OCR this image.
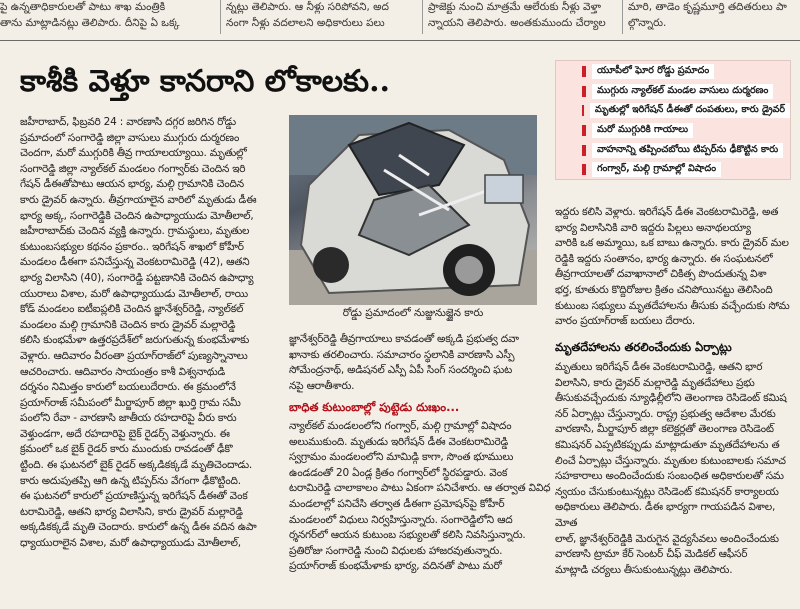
పై ఉన్నతాధికారులతో పాటు శాఖ మంత్రికి
తాను మాట్లాడినట్లు తెలిపారు. దీనిపై ఏ ఒక్క
న్నట్లు తెలిపారు. ఆ నీళ్లు సరిపోవని, అద
నంగా నీళ్లు వదలాలని అధికారులు పలు
ప్రాజెక్టు నుంచి మాత్రమే ఆలేరుకు నీళ్లు వెళ్తా
న్నాయని తెలిపారు. అంతకుముందు చేర్యాల
మారి, తాడెం కృష్ణమూర్తి తదితరులు పా
ల్గొన్నారు.
కాశీకి వెళ్తూ కానరాని లోకాలకు..	యూపీలో ఘోర రోడ్డు ప్రమాదం
ముగ్గురు న్యాల్‌కల్‌ మండల వాసులు దుర్మరణం
మృతుల్లో ఇరిగేషన్‌ డీఈతో దంపతులు, కారు డ్రైవర్‌
మరో ముగ్గురికి గాయాలు
వాహనాన్ని తప్పించబోయి టిప్పర్‌ను ఢీకొట్టిన కారు
గంగ్వార్‌, మల్గి గ్రామాల్లో విషాదం
జహీరాబాద్‌, ఫిబ్రవరి 24 : వారణాసి దగ్గర జరిగిన రోడ్డు
ప్రమాదంలో సంగారెడ్డి జిల్లా వాసులు ముగ్గురు దుర్మరణం
చెందగా, మరో ముగ్గురికి తీవ్ర గాయాలయ్యాయి. మృతుల్లో
సంగారెడ్డి జిల్లా న్యాల్‌కల్‌ మండలం గంగ్వార్‌కు చెందిన ఇరి
గేషన్‌ డీఈతోపాటు ఆయన భార్య, మల్గి గ్రామానికి చెందిన
కారు డ్రైవర్‌ ఉన్నారు. తీవ్రగాయాలైన వారిలో మృతుడు డీఈ
భార్య అక్క, సంగారెడ్డికి చెందిన ఉపాధ్యాయుడు మోతీలాల్‌,
జహీరాబాద్‌కు చెందిన వ్యక్తి ఉన్నారు. గ్రామస్థులు, మృతుల
కుటుంబసభ్యుల కథనం ప్రకారం.. ఇరిగేషన్‌ శాఖలో కోహీర్‌
మండలం డీఈగా పనిచేస్తున్న వెంకటరామిరెడ్డి (42), ఆతని
భార్య విలాసిని (40), సంగారెడ్డి పట్టణానికి చెందిన ఉపాధ్యా
యురాలు విశాల, మరో ఉపాధ్యాయుడు మోతీలాల్‌, రాయి
కోడ్‌ మండలం ఐటీఐప్లలికి చెందిన జ్ఞానేశ్వర్‌రెడ్డి, న్యాల్‌కల్‌
మండలం మల్గి గ్రామానికి చెందిన కారు డ్రైవర్‌ మల్లారెడ్డి
కలిసి కుంభమేళా ఉత్తరప్రదేశ్‌లో జరుగుతున్న కుంభమేళాకు
వెళ్లారు. ఆదివారం వీరంతా ప్రయాగ్‌రాజ్‌లో పుణ్యస్నానాలు
ఆచరించారు. ఆదివారం సాయంత్రం కాశీ విశ్వనాథుడి
దర్శనం నిమిత్తం కారులో బయలుదేరారు. ఈ క్రమంలోనే
ప్రయాగ్‌రాజ్‌ సమీపంలో మీర్జాపూర్‌ జిల్లా ఖుర్తి గ్రామ సమీ
పంలోని రేవా - వారణాసి జాతీయ రహదారిపై వీరు కారు
వెళ్తుండగా, అదే రహదారిపై బైక్‌ రైడర్స్‌ వెళ్తున్నారు. ఈ
క్రమంలో ఒక బైక్‌ రైడర్‌ కారు ముందుకు రావడంతో ఢీకొ
ట్టింది. ఈ ఘటనలో బైక్‌ రైడర్‌ అక్కడికక్కడే మృతిచెందాడు.
కారు అదుపుతప్పి ఆగి ఉన్న టిప్పర్‌ను వేగంగా ఢీకొట్టింది.
ఈ ఘటనలో కారులో ప్రయాణిస్తున్న ఇరిగేషన్‌ డీఈతో వెంక
టరామిరెడ్డి, ఆతని భార్య విలాసిని, కారు డ్రైవర్‌ మల్లారెడ్డి
అక్కడికక్కడే మృతి చెందారు. కారులో ఉన్న డీఈ వదిన ఉపా
ధ్యాయురాలైన విశాల, మరో ఉపాధ్యాయుడు మోతీలాల్‌,
రోడ్డు ప్రమాదంలో నుజ్జునుజ్జైన కారు
జ్ఞానేశ్వర్‌రెడ్డి తీవ్రగాయాలు కావడంతో అక్కడి ప్రభుత్వ దవా
ఖానాకు తరలించారు. సమాచారం స్థలానికి వారణాసి ఎస్పీ
సోమేంద్రనాథ్‌, అడిషనల్‌ ఎస్పీ ఏపీ సింగ్‌ సందర్శించి ఘట
నపై ఆరాతీశారు.
బాధిత కుటుంబాల్లో పుట్టెడు దుఃఖం...
న్యాల్‌కల్‌ మండలంలోని గంగ్వార్‌, మల్గి గ్రామాల్లో విషాదం
అలుముకుంది. మృతుడు ఇరిగేషన్‌ డీఈ వెంకటరామిరెడ్డి
స్వగ్రామం మండలంలోని మామిడ్గి కాగా, సొంత భూములు
ఉండడంతో 20 ఏండ్ల క్రితం గంగ్వార్‌లో స్థిరపడ్డారు. వెంక
టరామిరెడ్డి చాలాకాలం పాటు ఏకంగా పనిచేశారు. ఆ తర్వాత వివిధ
మండలాల్లో పనిచేసి తర్వాత డీఈగా ప్రమోషన్‌పై కోహీర్‌
మండలంలో విధులు నిర్వహిస్తున్నారు. సంగారెడ్డిలోని ఆద
ర్శనగర్‌లో ఆయన కుటుంబ సభ్యులతో కలిసి నివసిస్తున్నారు.
ప్రతిరోజు సంగారెడ్డి నుంచి విధులకు హాజరవుతున్నారు.
ప్రయాగ్‌రాజ్‌ కుంభమేళాకు భార్య, వదినతో పాటు మరో
ఇద్దరు కలిసి వెళ్లారు. ఇరిగేషన్‌ డీఈ వెంకటరామిరెడ్డి, అత
భార్య విలాసినికి వారి ఇద్దరు పిల్లలు అనాథలయ్యా
వారికి ఒక అమ్మాయి, ఒక బాబు ఉన్నారు. కారు డ్రైవర్‌ మల
రెడ్డికి ఇద్దరు సంతానం, భార్య ఉన్నారు. ఈ సంఘటనలో
తీవ్రగాయాలతో దవాఖానాలో చికిత్స పొందుతున్న విశా
భర్త, కూతురు కొద్దిరోజుల క్రితం చనిపోయినట్టు తెలిసింది
కుటుంబ సభ్యులు మృతదేహాలను తీసుకు వచ్చేందుకు సోమ
వారం ప్రయాగ్‌రాజ్‌ బయలు దేరారు.
మృతదేహాలను తరలించేందుకు ఏర్పాట్లు
మృతులు ఇరిగేషన్‌ డీఈ వెంకటరామిరెడ్డి, ఆతని భార
విలాసిని, కారు డ్రైవర్‌ మల్లారెడ్డి మృతదేహాలు ప్రభు
తీసుకువచ్చేందుకు న్యూఢిల్లీలోని తెలంగాణ రెసిడెంట్‌ కమిష
నర్‌ ఏర్పాట్లు చేస్తున్నారు. రాష్ట్ర ప్రభుత్వ ఆదేశాల మేరకు
వారణాసి, మీర్జాపూర్‌ జిల్లా కలెక్టర్లతో తెలంగాణ రెసిడెంట్‌
కమిషనర్‌ ఎప్పటికప్పుడు మాట్లాడుతూ మృతదేహాలను త
లించే ఏర్పాట్లు చేస్తున్నారు. మృతుల కుటుంబాలకు సమాచ
సహకారాలు అందించేందుకు సంబంధిత అధికారులతో సమ
న్వయం చేసుకుంటున్నట్లు రెసిడెంట్‌ కమిషనర్‌ కార్యాలయ
అధికారులు తెలిపారు. డీఈ భార్యగా గాయపడిన విశాల, మోత
లాల్‌, జ్ఞానేశ్వర్‌రెడ్డికి మెరుగైన వైద్యసేవలు అందించేందుకు
వారణాసి ట్రామా కేర్‌ సెంటర్‌ చీఫ్‌ మెడికల్‌ ఆఫీసర్‌
మాట్లాడి చర్యలు తీసుకుంటున్నట్లు తెలిపారు.
